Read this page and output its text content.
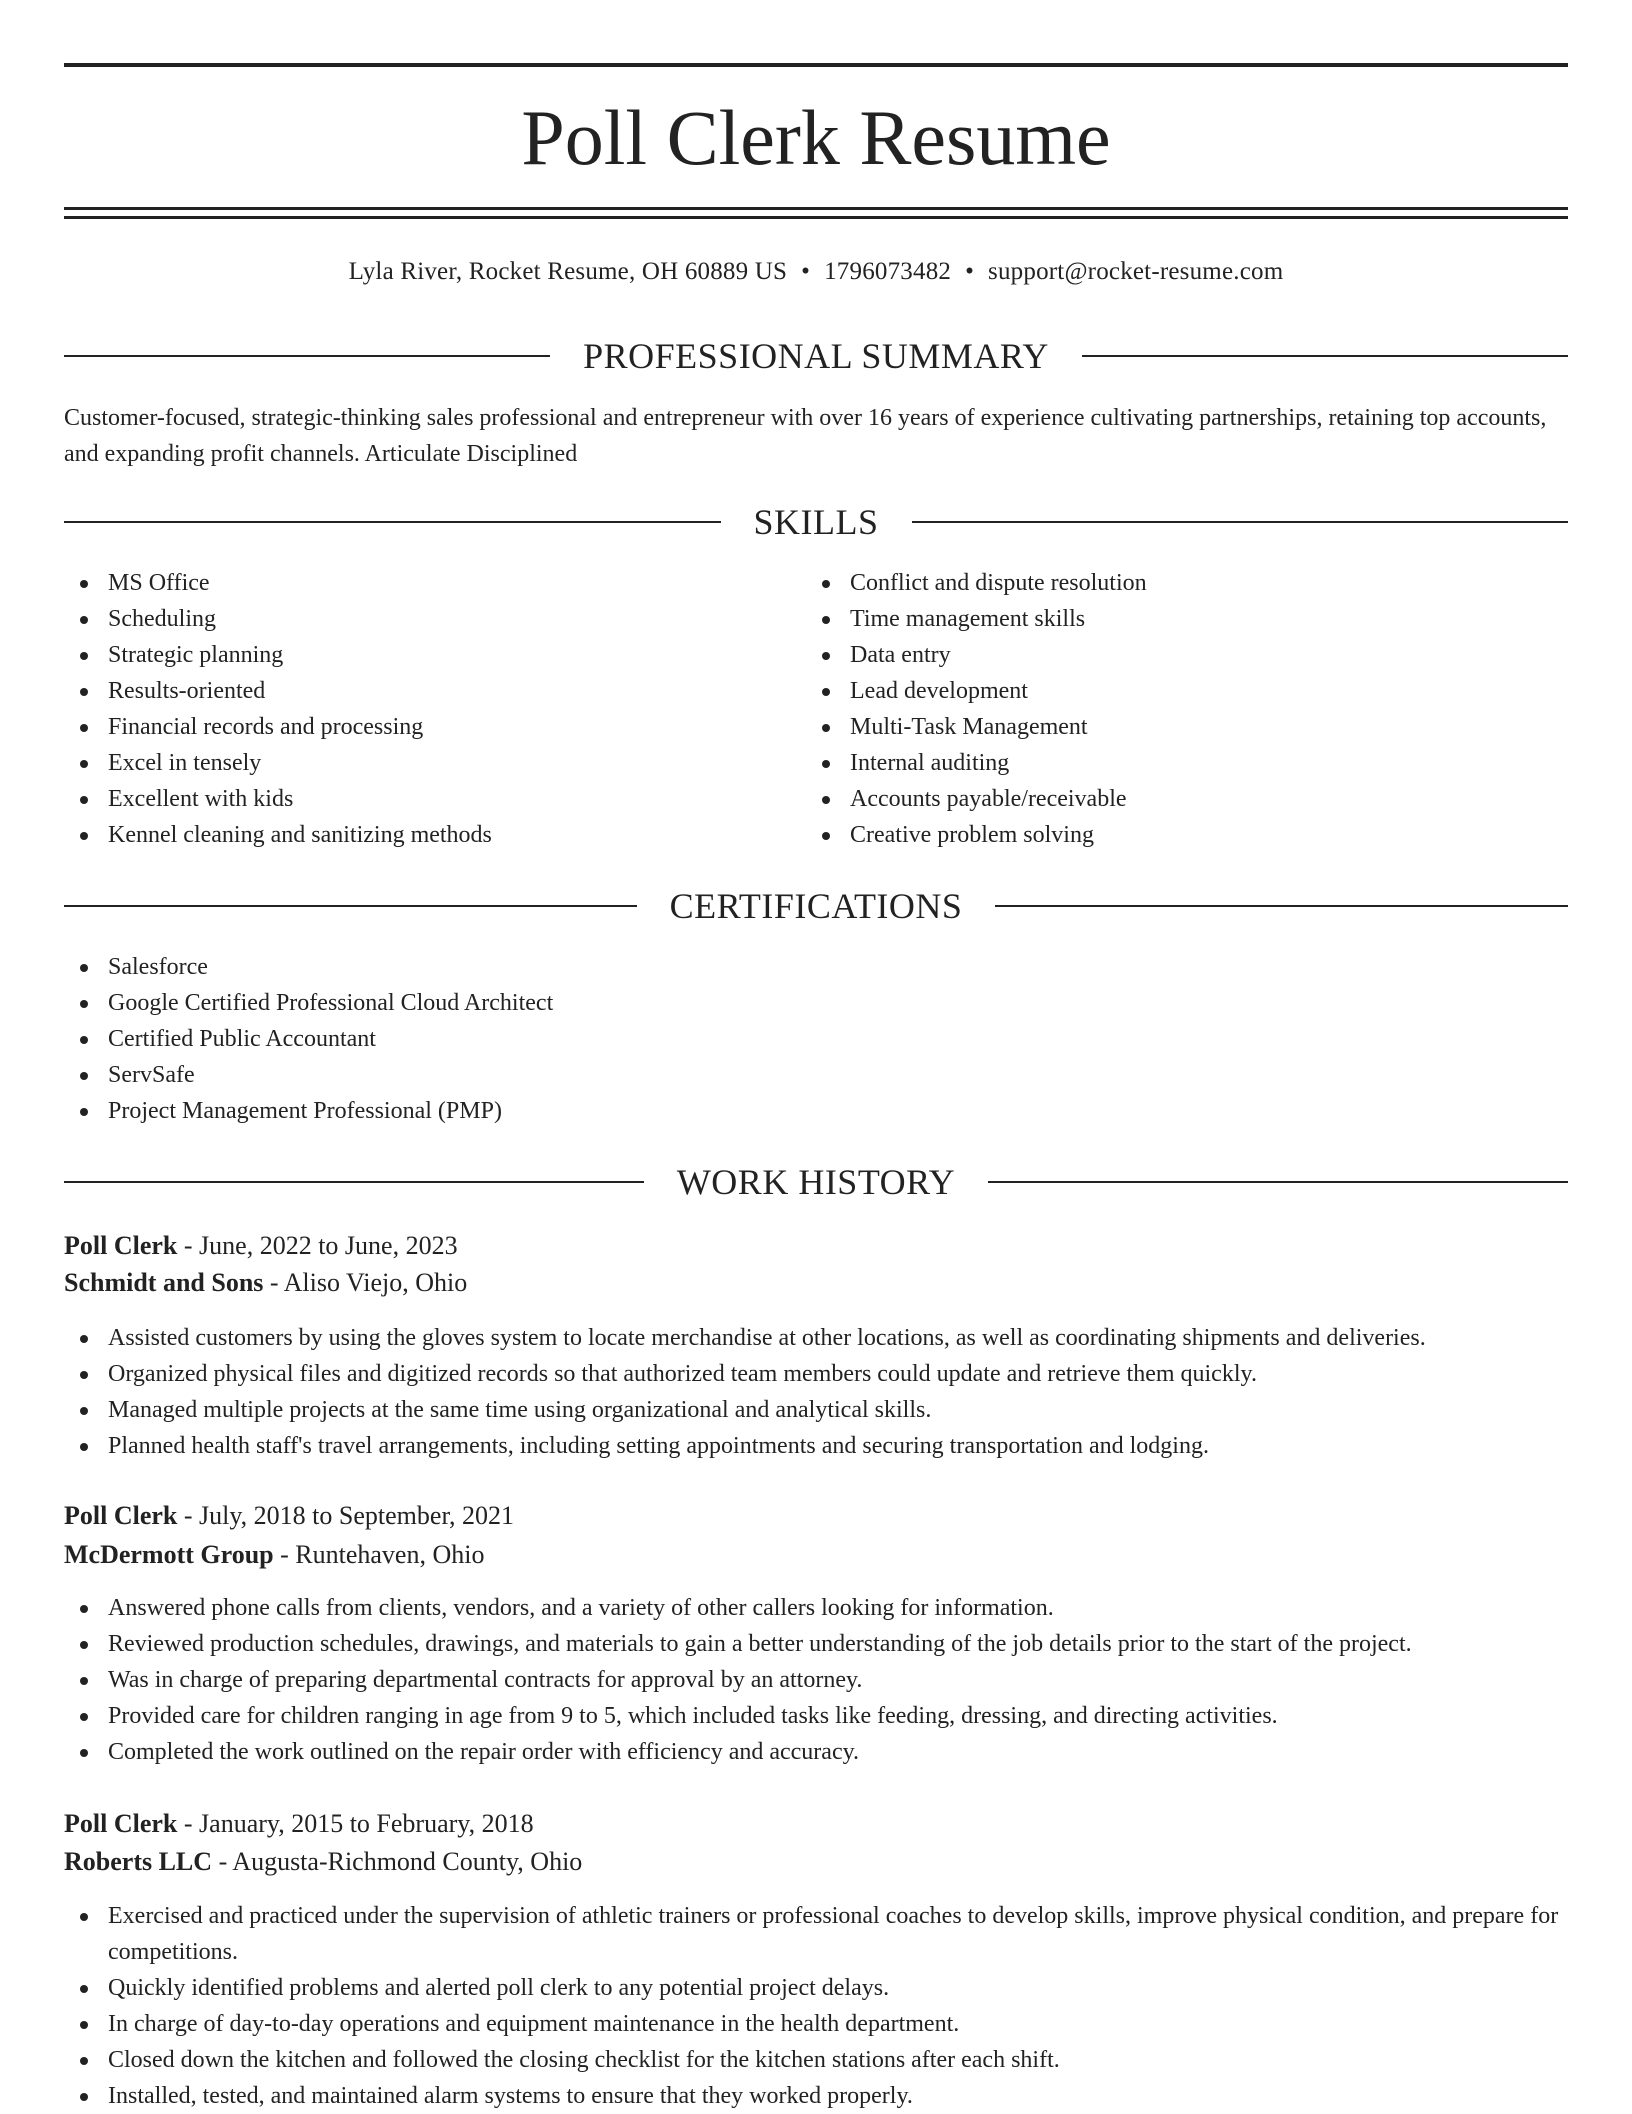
Poll Clerk Resume
Lyla River, Rocket Resume, OH 60889 US • 1796073482 • support@rocket-resume.com
PROFESSIONAL SUMMARY
Customer-focused, strategic-thinking sales professional and entrepreneur with over 16 years of experience cultivating partnerships, retaining top accounts, and expanding profit channels. Articulate Disciplined
SKILLS
MS Office
Scheduling
Strategic planning
Results-oriented
Financial records and processing
Excel in tensely
Excellent with kids
Kennel cleaning and sanitizing methods
Conflict and dispute resolution
Time management skills
Data entry
Lead development
Multi-Task Management
Internal auditing
Accounts payable/receivable
Creative problem solving
CERTIFICATIONS
Salesforce
Google Certified Professional Cloud Architect
Certified Public Accountant
ServSafe
Project Management Professional (PMP)
WORK HISTORY
Poll Clerk - June, 2022 to June, 2023
Schmidt and Sons - Aliso Viejo, Ohio
Assisted customers by using the gloves system to locate merchandise at other locations, as well as coordinating shipments and deliveries.
Organized physical files and digitized records so that authorized team members could update and retrieve them quickly.
Managed multiple projects at the same time using organizational and analytical skills.
Planned health staff's travel arrangements, including setting appointments and securing transportation and lodging.
Poll Clerk - July, 2018 to September, 2021
McDermott Group - Runtehaven, Ohio
Answered phone calls from clients, vendors, and a variety of other callers looking for information.
Reviewed production schedules, drawings, and materials to gain a better understanding of the job details prior to the start of the project.
Was in charge of preparing departmental contracts for approval by an attorney.
Provided care for children ranging in age from 9 to 5, which included tasks like feeding, dressing, and directing activities.
Completed the work outlined on the repair order with efficiency and accuracy.
Poll Clerk - January, 2015 to February, 2018
Roberts LLC - Augusta-Richmond County, Ohio
Exercised and practiced under the supervision of athletic trainers or professional coaches to develop skills, improve physical condition, and prepare for competitions.
Quickly identified problems and alerted poll clerk to any potential project delays.
In charge of day-to-day operations and equipment maintenance in the health department.
Closed down the kitchen and followed the closing checklist for the kitchen stations after each shift.
Installed, tested, and maintained alarm systems to ensure that they worked properly.
